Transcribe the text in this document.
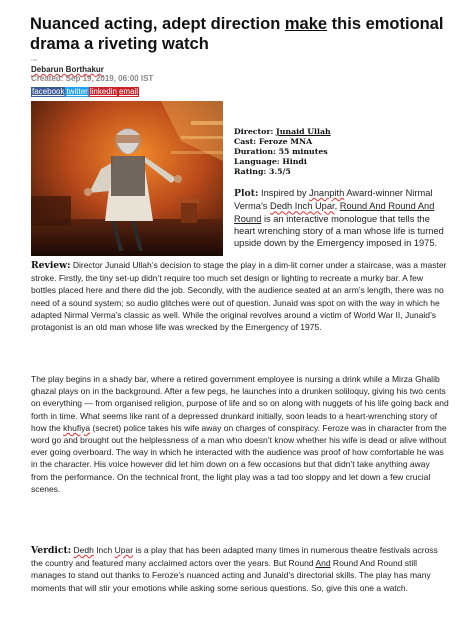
Nuanced acting, adept direction make this emotional drama a riveting watch
TNN
Debarun Borthakur
Created: Sep 19, 2019, 06:00 IST
facebook twitter linkedin email
Director: Junaid Ullah
Cast: Feroze MNA
Duration: 55 minutes
Language: Hindi
Rating: 3.5/5
Plot: Inspired by Jnanpith Award-winner Nirmal Verma’s Dedh Inch Upar, Round And Round And Round is an interactive monologue that tells the heart wrenching story of a man whose life is turned upside down by the Emergency imposed in 1975.
Review: Director Junaid Ullah’s decision to stage the play in a dim-lit corner under a staircase, was a master stroke. Firstly, the tiny set-up didn’t require too much set design or lighting to recreate a murky bar. A few bottles placed here and there did the job. Secondly, with the audience seated at an arm’s length, there was no need of a sound system; so audio glitches were out of question. Junaid was spot on with the way in which he adapted Nirmal Verma’s classic as well. While the original revolves around a victim of World War II, Junaid’s protagonist is an old man whose life was wrecked by the Emergency of 1975.
The play begins in a shady bar, where a retired government employee is nursing a drink while a Mirza Ghalib ghazal plays on in the background. After a few pegs, he launches into a drunken soliloquy, giving his two cents on everything — from organised religion, purpose of life and so on along with nuggets of his life going back and forth in time. What seems like rant of a depressed drunkard initially, soon leads to a heart-wrenching story of how the khufiya (secret) police takes his wife away on charges of conspiracy. Feroze was in character from the word go and brought out the helplessness of a man who doesn’t know whether his wife is dead or alive without ever going overboard. The way in which he interacted with the audience was proof of how comfortable he was in the character. His voice however did let him down on a few occasions but that didn’t take anything away from the performance. On the technical front, the light play was a tad too sloppy and let down a few crucial scenes.
Verdict: Dedh Inch Upar is a play that has been adapted many times in numerous theatre festivals across the country and featured many acclaimed actors over the years. But Round And Round And Round still manages to stand out thanks to Feroze’s nuanced acting and Junaid’s directorial skills. The play has many moments that will stir your emotions while asking some serious questions. So, give this one a watch.
